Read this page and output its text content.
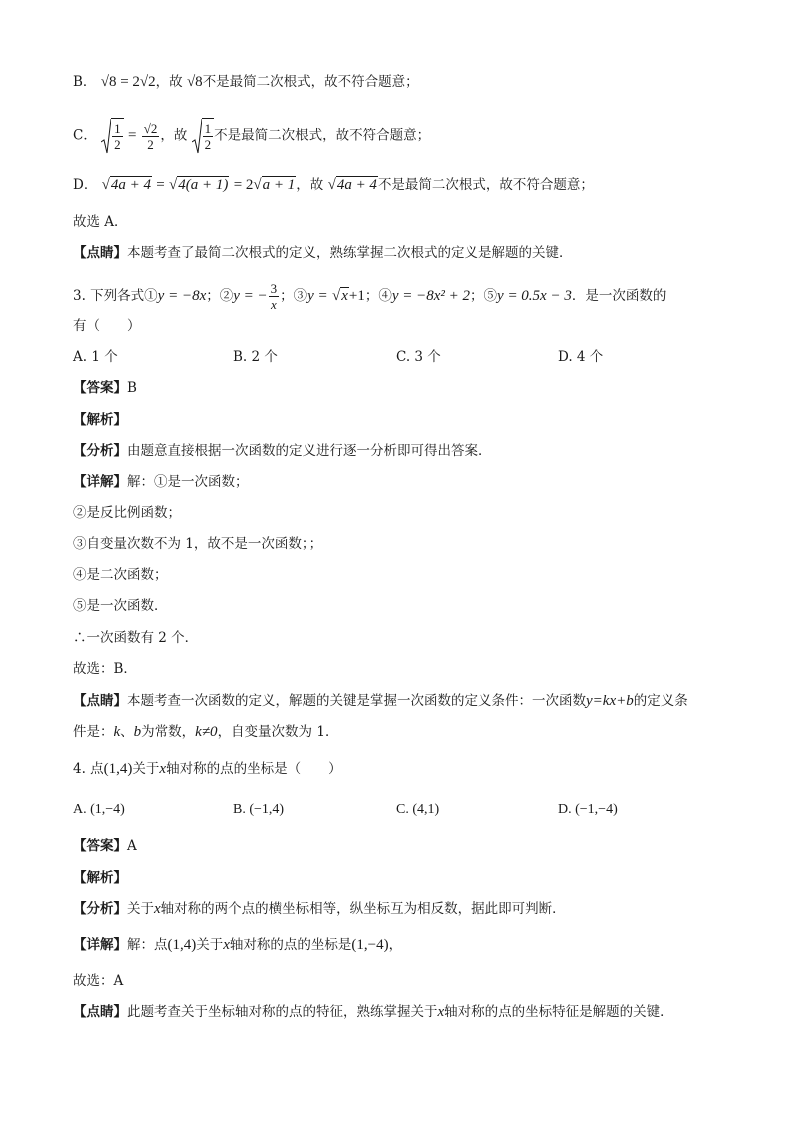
B． √8 = 2√2，故 √8不是最简二次根式，故不符合题意；
C． $\frac{1}{2} = \frac{√2}{2}$ ，故 $\frac{1}{2}$ 不是最简二次根式，故不符合题意；
D． √4a + 4 = √4(a + 1) = 2√a + 1，故 √4a + 4不是最简二次根式，故不符合题意；
故选 A．
【点睛】本题考查了最简二次根式的定义，熟练掌握二次根式的定义是解题的关键．
3. 下列各式①y = −8x；②y = − $\frac{3}{x}$ ；③y = √x+1；④y = −8x² + 2；⑤y = 0.5x − 3．是一次函数的
有（　　）
A. 1 个	B. 2 个	C. 3 个	D. 4 个
【答案】B
【解析】
【分析】由题意直接根据一次函数的定义进行逐一分析即可得出答案．
【详解】解：①是一次函数；
②是反比例函数；
③自变量次数不为 1，故不是一次函数；；
④是二次函数；
⑤是一次函数．
∴一次函数有 2 个．
故选：B．
【点睛】本题考查一次函数的定义，解题的关键是掌握一次函数的定义条件：一次函数y=kx+b的定义条
件是：k、b为常数，k≠0，自变量次数为 1．
4. 点(1,4)关于x轴对称的点的坐标是（　　）
A. (1,−4)	B. (−1,4)	C. (4,1)	D. (−1,−4)
【答案】A
【解析】
【分析】关于x轴对称的两个点的横坐标相等，纵坐标互为相反数，据此即可判断．
【详解】解：点(1,4)关于x轴对称的点的坐标是(1,−4)，
故选：A
【点睛】此题考查关于坐标轴对称的点的特征，熟练掌握关于x轴对称的点的坐标特征是解题的关键．
